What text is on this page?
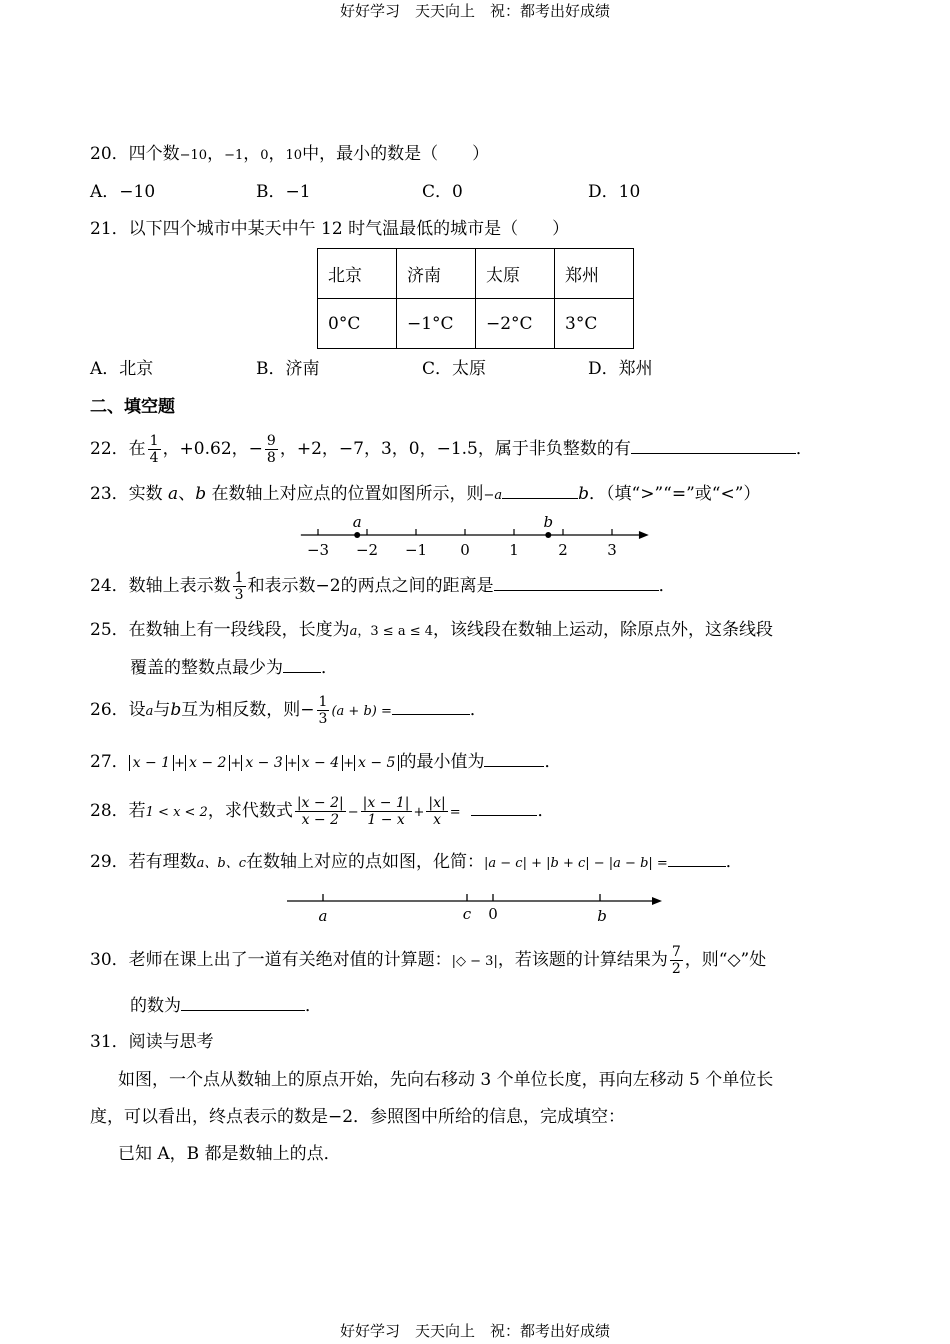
好好学习　天天向上　祝：都考出好成绩
20．四个数−10，−1，0，10中，最小的数是（　　）
A．−10	B．−1	C．0	D．10
21．以下四个城市中某天中午 12 时气温最低的城市是（　　）
北京	济南	太原	郑州
0°C	−1°C	−2°C	3°C
A．北京	B．济南	C．太原	D．郑州
二、填空题
22．在 $\frac{1}{4}$ ，+0.62，− $\frac{9}{8}$ ，+2，−7，3，0，−1.5，属于非负整数的有	．
23．实数 a、b 在数轴上对应点的位置如图所示，则−a	b．（填“>”“=”或“<”）
−3 −2 −1 0	1	2	3
a	b
24．数轴上表示数 $\frac{1}{3}$ 和表示数−2的两点之间的距离是	．
25．在数轴上有一段线段，长度为a，3 ≤ a ≤ 4，该线段在数轴上运动，除原点外，这条线段
覆盖的整数点最少为 ．
26．设a与b互为相反数，则− $\frac{1}{3} (a + b)$ =	．
27． x − 1 + x − 2 + x − 3 + x − 4 + x − 5 的最小值为	．
28．若1 < x < 2，求代数式 $\frac{|x - 2|}{x - 2} - \frac{|x - 1|}{1 - x} + \frac{|x|}{x}$ =	．
29．若有理数a、b、c在数轴上对应的点如图，化简：|a − c| + |b + c| − |a − b| =	．
a	c 0	b
30．老师在课上出了一道有关绝对值的计算题：|◇ − 3|，若该题的计算结果为 $\frac{7}{2}$ ，则“◇”处
的数为	．
31．阅读与思考
如图，一个点从数轴上的原点开始，先向右移动 3 个单位长度，再向左移动 5 个单位长
度，可以看出，终点表示的数是−2．参照图中所给的信息，完成填空：
已知 A，B 都是数轴上的点．
好好学习　天天向上　祝：都考出好成绩
